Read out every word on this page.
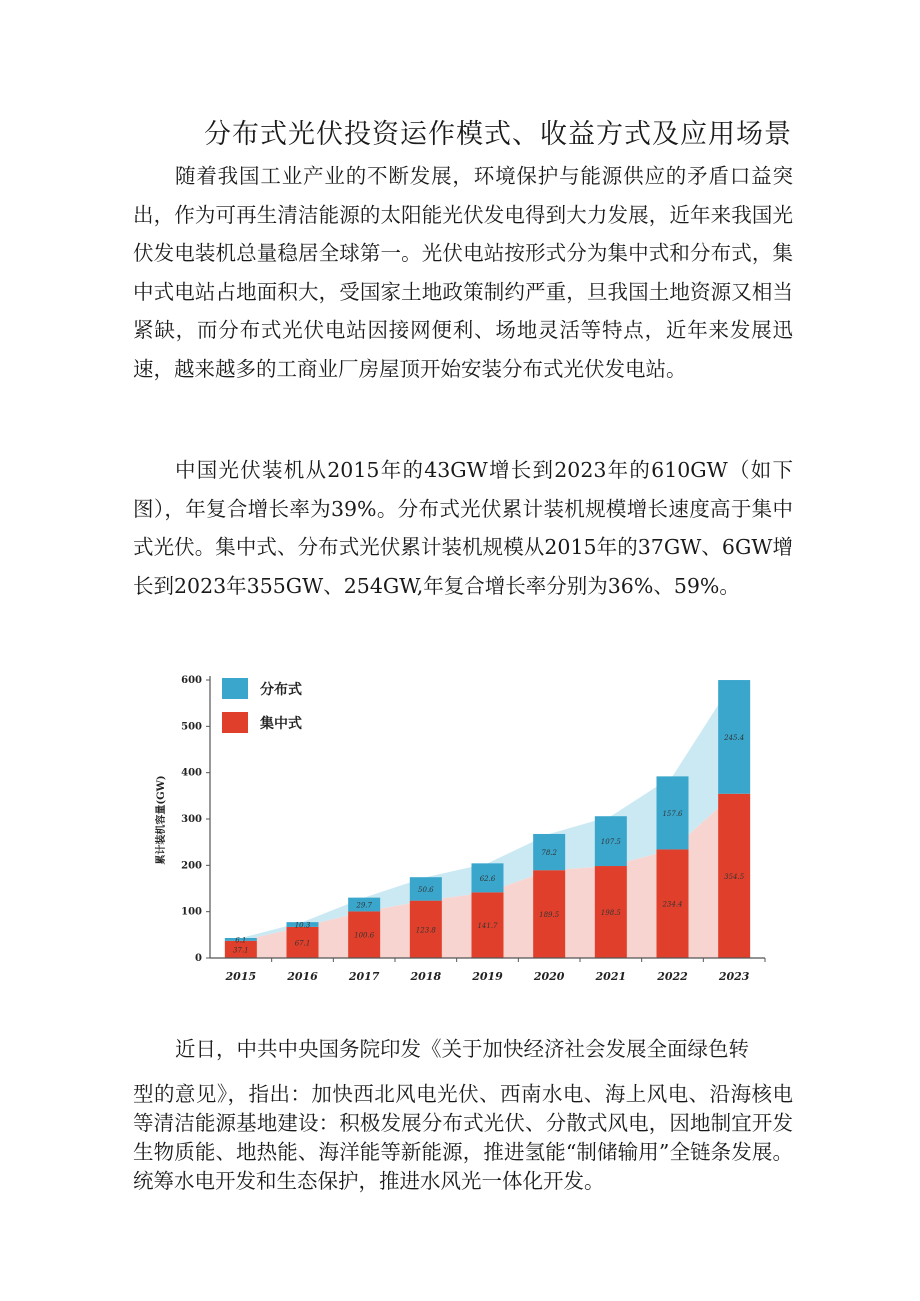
分布式光伏投资运作模式、收益方式及应用场景

随着我国工业产业的不断发展，环境保护与能源供应的矛盾口益突出，作为可再生清洁能源的太阳能光伏发电得到大力发展，近年来我国光伏发电装机总量稳居全球第一。光伏电站按形式分为集中式和分布式，集中式电站占地面积大，受国家土地政策制约严重，旦我国土地资源又相当紧缺，而分布式光伏电站因接网便利、场地灵活等特点，近年来发展迅速，越来越多的工商业厂房屋顶开始安装分布式光伏发电站。

中国光伏装机从2015年的43GW增长到2023年的610GW（如下图），年复合增长率为39%。分布式光伏累计装机规模增长速度高于集中式光伏。集中式、分布式光伏累计装机规模从2015年的37GW、6GW增长到2023年355GW、254GW,年复合增长率分别为36%、59%。

0
100
200
300
400
500
600
2015	2016	2017	2018	2019	2020	2021	2022	2023
37.1
6.1	67.1
10.3
100.6
29.7
123.8
50.6
141.7
62.6
189.5
78.2
198.5
107.5
234.4
157.6
354.5
245.4
累计装机容量(GW)
分布式
集中式

近日，中共中央国务院印发《关于加快经济社会发展全面绿色转

型的意见》，指出：加快西北风电光伏、西南水电、海上风电、沿海核电等清洁能源基地建设：积极发展分布式光伏、分散式风电，因地制宜开发生物质能、地热能、海洋能等新能源，推进氢能“制储输用”全链条发展。统筹水电开发和生态保护，推进水风光一体化开发。
